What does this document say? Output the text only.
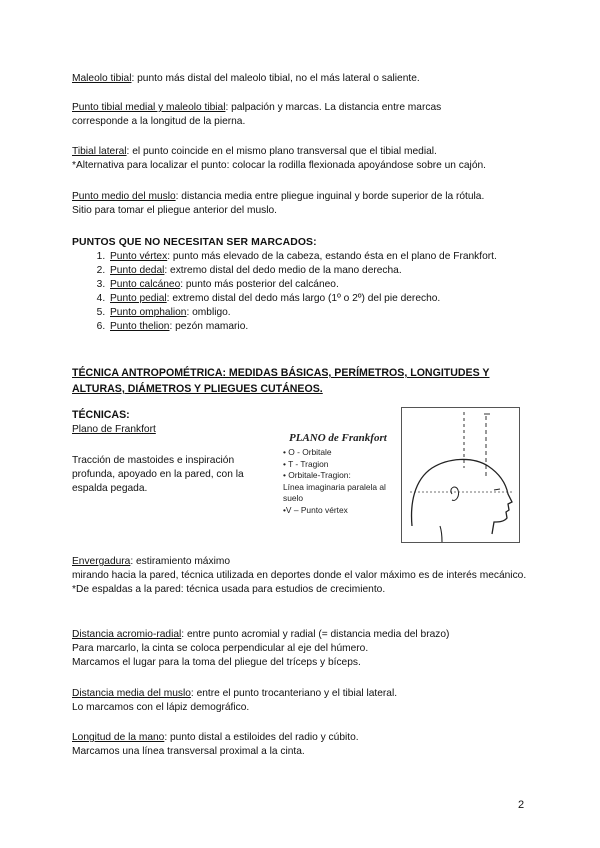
Maleolo tibial: punto más distal del maleolo tibial, no el más lateral o saliente.

Punto tibial medial y maleolo tibial: palpación y marcas. La distancia entre marcas

corresponde a la longitud de la pierna.

Tibial lateral: el punto coincide en el mismo plano transversal que el tibial medial.

*Alternativa para localizar el punto: colocar la rodilla flexionada apoyándose sobre un cajón.

Punto medio del muslo: distancia media entre pliegue inguinal y borde superior de la rótula.

Sitio para tomar el pliegue anterior del muslo.

PUNTOS QUE NO NECESITAN SER MARCADOS:
1. Punto vértex: punto más elevado de la cabeza, estando ésta en el plano de Frankfort.
2. Punto dedal: extremo distal del dedo medio de la mano derecha.
3. Punto calcáneo: punto más posterior del calcáneo.
4. Punto pedial: extremo distal del dedo más largo (1º o 2º) del pie derecho.
5. Punto omphalion: ombligo.
6. Punto thelion: pezón mamario.
TÉCNICA ANTROPOMÉTRICA: MEDIDAS BÁSICAS, PERÍMETROS, LONGITUDES Y ALTURAS, DIÁMETROS Y PLIEGUES CUTÁNEOS.
TÉCNICAS:
Plano de Frankfort
Tracción de mastoides e inspiración profunda, apoyado en la pared, con la espalda pegada.
PLANO de Frankfort
• O - Orbitale
• T - Tragion
• Orbitale-Tragion:
Línea imaginaria paralela al
suelo
•V – Punto vértex

Envergadura: estiramiento máximo

mirando hacia la pared, técnica utilizada en deportes donde el valor máximo es de interés mecánico.

*De espaldas a la pared: técnica usada para estudios de crecimiento.

Distancia acromio-radial: entre punto acromial y radial (= distancia media del brazo)

Para marcarlo, la cinta se coloca perpendicular al eje del húmero.

Marcamos el lugar para la toma del pliegue del tríceps y bíceps.

Distancia media del muslo: entre el punto trocanteriano y el tibial lateral.

Lo marcamos con el lápiz demográfico.

Longitud de la mano: punto distal a estiloides del radio y cúbito.

Marcamos una línea transversal proximal a la cinta.

2
